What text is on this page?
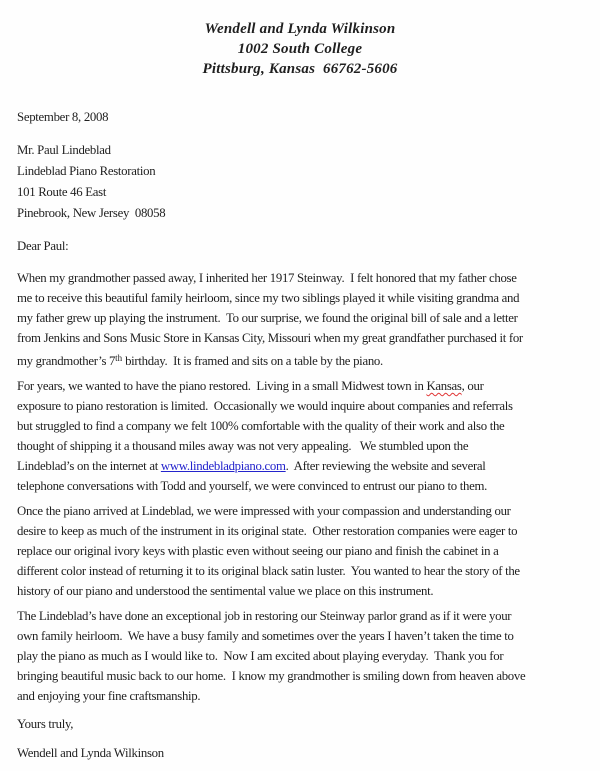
Wendell and Lynda Wilkinson
1002 South College
Pittsburg, Kansas  66762-5606
September 8, 2008
Mr. Paul Lindeblad
Lindeblad Piano Restoration
101 Route 46 East
Pinebrook, New Jersey  08058
Dear Paul:
When my grandmother passed away, I inherited her 1917 Steinway.  I felt honored that my father chose
me to receive this beautiful family heirloom, since my two siblings played it while visiting grandma and
my father grew up playing the instrument.  To our surprise, we found the original bill of sale and a letter
from Jenkins and Sons Music Store in Kansas City, Missouri when my great grandfather purchased it for
my grandmother’s 7th birthday.  It is framed and sits on a table by the piano.
For years, we wanted to have the piano restored.  Living in a small Midwest town in Kansas, our
exposure to piano restoration is limited.  Occasionally we would inquire about companies and referrals
but struggled to find a company we felt 100% comfortable with the quality of their work and also the
thought of shipping it a thousand miles away was not very appealing.   We stumbled upon the
Lindeblad’s on the internet at www.lindebladpiano.com.  After reviewing the website and several
telephone conversations with Todd and yourself, we were convinced to entrust our piano to them.
Once the piano arrived at Lindeblad, we were impressed with your compassion and understanding our
desire to keep as much of the instrument in its original state.  Other restoration companies were eager to
replace our original ivory keys with plastic even without seeing our piano and finish the cabinet in a
different color instead of returning it to its original black satin luster.  You wanted to hear the story of the
history of our piano and understood the sentimental value we place on this instrument.
The Lindeblad’s have done an exceptional job in restoring our Steinway parlor grand as if it were your
own family heirloom.  We have a busy family and sometimes over the years I haven’t taken the time to
play the piano as much as I would like to.  Now I am excited about playing everyday.  Thank you for
bringing beautiful music back to our home.  I know my grandmother is smiling down from heaven above
and enjoying your fine craftsmanship.
Yours truly,
Wendell and Lynda Wilkinson
